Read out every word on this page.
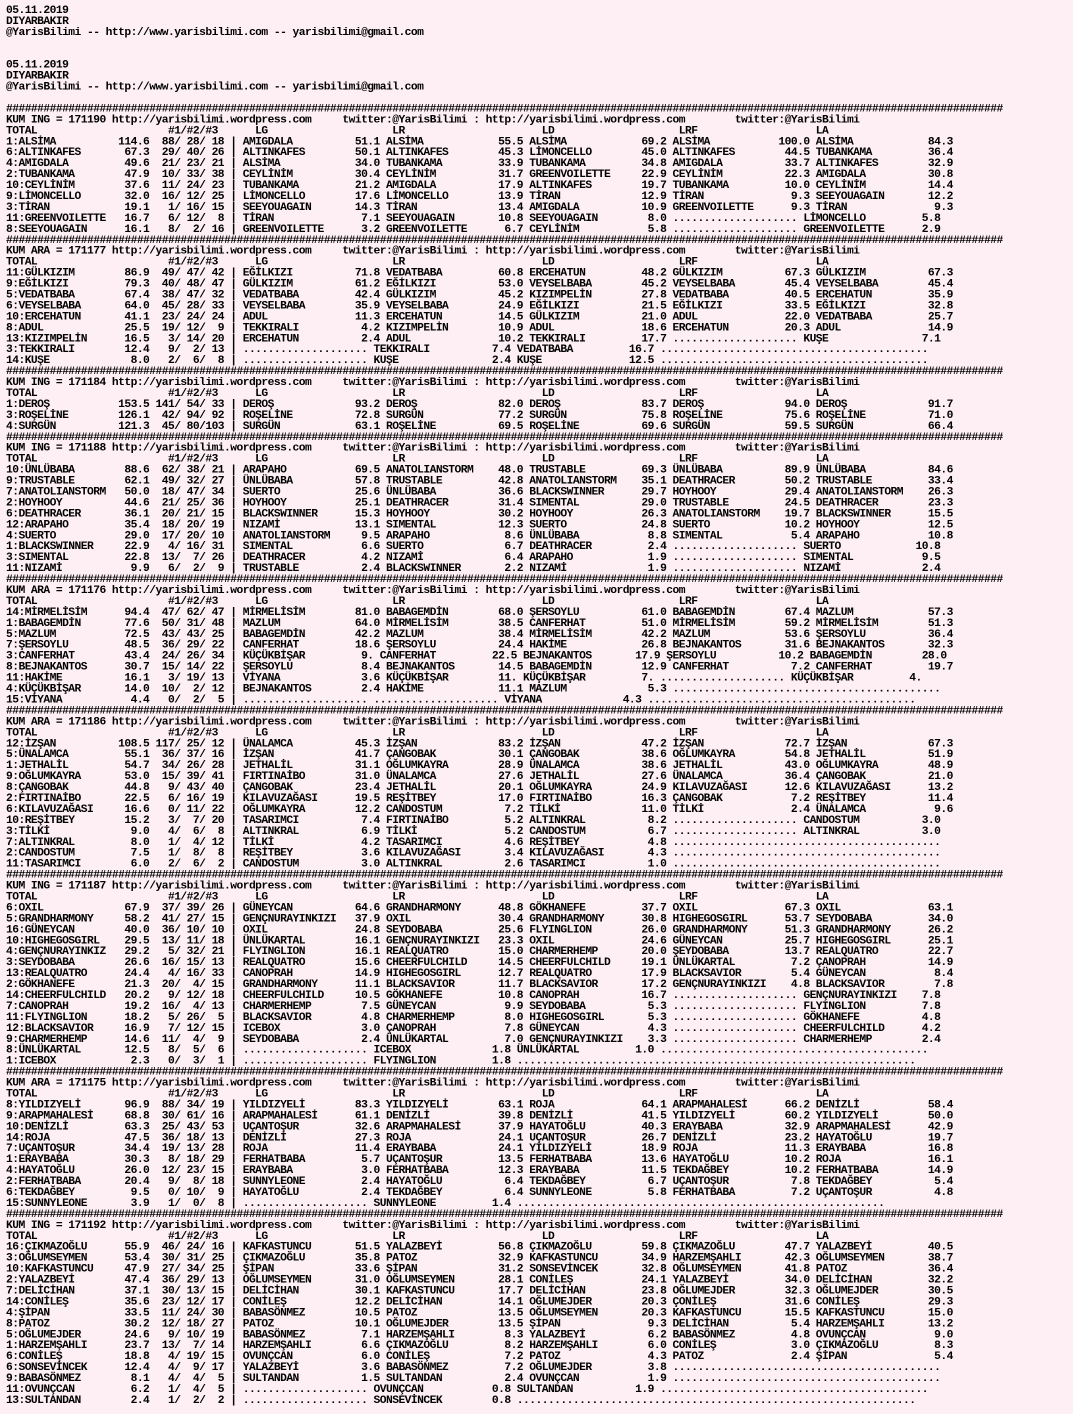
05.11.2019
DIYARBAKIR
@YarisBilimi -- http://www.yarisbilimi.com -- yarisbilimi@gmail.com
05.11.2019
DIYARBAKIR
@YarisBilimi -- http://www.yarisbilimi.com -- yarisbilimi@gmail.com
################################################################################################################################################################
KUM ING = 171190 http://yarisbilimi.wordpress.com     twitter:@YarisBilimi : http://yarisbilimi.wordpress.com        twitter:@YarisBilimi
TOTAL                     #1/#2/#3      LG                    LR                      LD                    LRF                   LA
1:ALSİMA          114.6  88/ 28/ 18 | AMIGDALA          51.1 ALSİMA            55.5 ALSİMA            69.2 ALSİMA           100.0 ALSİMA            84.3
6:ALTINKAFES       67.3  29/ 40/ 26 | ALTINKAFES        50.1 ALTINKAFES        45.3 LİMONCELLO        45.0 ALTINKAFES        44.5 TUBANKAMA         36.4
4:AMIGDALA         49.6  21/ 23/ 21 | ALSİMA            34.0 TUBANKAMA         33.9 TUBANKAMA         34.8 AMIGDALA          33.7 ALTINKAFES        32.9
2:TUBANKAMA        47.9  10/ 33/ 38 | CEYLİNİM          30.4 CEYLİNİM          31.7 GREENVOILETTE     22.9 CEYLİNİM          22.3 AMIGDALA          30.8
10:CEYLİNİM        37.6  11/ 24/ 23 | TUBANKAMA         21.2 AMIGDALA          17.9 ALTINKAFES        19.7 TUBANKAMA         10.0 CEYLİNİM          14.4
9:LİMONCELLO       32.0  16/ 12/ 25 | LİMONCELLO        17.6 LİMONCELLO        13.9 TİRAN             12.9 TİRAN              9.3 SEEYOUAGAIN       12.2
3:TİRAN            19.1   1/ 16/ 15 | SEEYOUAGAIN       14.3 TİRAN             13.4 AMIGDALA          10.9 GREENVOILETTE      9.3 TİRAN              9.3
11:GREENVOILETTE   16.7   6/ 12/  8 | TİRAN              7.1 SEEYOUAGAIN       10.8 SEEYOUAGAIN        8.0 .................... LİMONCELLO         5.8
8:SEEYOUAGAIN      16.1   8/  2/ 16 | GREENVOILETTE      3.2 GREENVOILETTE      6.7 CEYLİNİM           5.8 .................... GREENVOILETTE      2.9
################################################################################################################################################################
KUM ARA = 171177 http://yarisbilimi.wordpress.com     twitter:@YarisBilimi : http://yarisbilimi.wordpress.com        twitter:@YarisBilimi
TOTAL                     #1/#2/#3      LG                    LR                      LD                    LRF                   LA
11:GÜLKIZIM        86.9  49/ 47/ 42 | EĞİLKIZI          71.8 VEDATBABA         60.8 ERCEHATUN         48.2 GÜLKIZIM          67.3 GÜLKIZIM          67.3
9:EĞİLKIZI         79.3  40/ 48/ 47 | GÜLKIZIM          61.2 EĞİLKIZI          53.0 VEYSELBABA        45.2 VEYSELBABA        45.4 VEYSELBABA        45.4
5:VEDATBABA        67.4  38/ 47/ 32 | VEDATBABA         42.4 GÜLKIZIM          45.2 KIZIMPELİN        27.8 VEDATBABA         40.5 ERCEHATUN         35.9
6:VEYSELBABA       64.0  45/ 28/ 33 | VEYSELBABA        35.9 VEYSELBABA        24.9 EĞİLKIZI          21.5 EĞİLKIZI          33.5 EĞİLKIZI          32.8
10:ERCEHATUN       41.1  23/ 24/ 24 | ADUL              11.3 ERCEHATUN         14.5 GÜLKIZIM          21.0 ADUL              22.0 VEDATBABA         25.7
8:ADUL             25.5  19/ 12/  9 | TEKKIRALI          4.2 KIZIMPELİN        10.9 ADUL              18.6 ERCEHATUN         20.3 ADUL              14.9
13:KIZIMPELİN      16.5   3/ 14/ 20 | ERCEHATUN          2.4 ADUL              10.2 TEKKIRALI         17.7 .................... KUŞE               7.1
3:TEKKIRALI        12.4   9/  2/ 13 | .................... TEKKIRALI          7.4 VEDATBABA         16.7 ...........................................
14:KUŞE             8.0   2/  6/  8 | .................... KUŞE               2.4 KUŞE              12.5 ...........................................
################################################################################################################################################################
KUM ING = 171184 http://yarisbilimi.wordpress.com     twitter:@YarisBilimi : http://yarisbilimi.wordpress.com        twitter:@YarisBilimi
TOTAL                     #1/#2/#3      LG                    LR                      LD                    LRF                   LA
1:DEROŞ           153.5 141/ 54/ 33 | DEROŞ             93.2 DEROŞ             82.0 DEROŞ             83.7 DEROŞ             94.0 DEROŞ             91.7
3:ROŞELİNE        126.1  42/ 94/ 92 | ROŞELİNE          72.8 SURGÜN            77.2 SURGÜN            75.8 ROŞELİNE          75.6 ROŞELİNE          71.0
4:SURGÜN          121.3  45/ 80/103 | SURGÜN            63.1 ROŞELİNE          69.5 ROŞELİNE          69.6 SURGÜN            59.5 SURGÜN            66.4
################################################################################################################################################################
KUM ING = 171188 http://yarisbilimi.wordpress.com     twitter:@YarisBilimi : http://yarisbilimi.wordpress.com        twitter:@YarisBilimi
TOTAL                     #1/#2/#3      LG                    LR                      LD                    LRF                   LA
10:ÜNLÜBABA        88.6  62/ 38/ 21 | ARAPAHO           69.5 ANATOLIANSTORM    48.0 TRUSTABLE         69.3 ÜNLÜBABA          89.9 ÜNLÜBABA          84.6
9:TRUSTABLE        62.1  49/ 32/ 27 | ÜNLÜBABA          57.8 TRUSTABLE         42.8 ANATOLIANSTORM    35.1 DEATHRACER        50.2 TRUSTABLE         33.4
7:ANATOLIANSTORM   50.0  18/ 47/ 34 | SUERTO            25.6 ÜNLÜBABA          36.6 BLACKSWINNER      29.7 HOYHOOY           29.4 ANATOLIANSTORM    26.3
2:HOYHOOY          44.6  21/ 25/ 36 | HOYHOOY           25.1 DEATHRACER        31.4 SIMENTAL          29.0 TRUSTABLE         24.5 DEATHRACER        23.3
6:DEATHRACER       36.1  20/ 21/ 15 | BLACKSWINNER      15.3 HOYHOOY           30.2 HOYHOOY           26.3 ANATOLIANSTORM    19.7 BLACKSWINNER      15.5
12:ARAPAHO         35.4  18/ 20/ 19 | NIZAMİ            13.1 SIMENTAL          12.3 SUERTO            24.8 SUERTO            10.2 HOYHOOY           12.5
4:SUERTO           29.0  17/ 20/ 10 | ANATOLIANSTORM     9.5 ARAPAHO            8.6 ÜNLÜBABA           8.8 SIMENTAL           5.4 ARAPAHO           10.8
1:BLACKSWINNER     22.9   4/ 16/ 31 | SIMENTAL           6.6 SUERTO             6.7 DEATHRACER         2.4 .................... SUERTO            10.8
3:SIMENTAL         22.8  13/  7/ 26 | DEATHRACER         4.2 NIZAMİ             6.4 ARAPAHO            1.9 .................... SIMENTAL           9.5
11:NIZAMİ           9.9   6/  2/  9 | TRUSTABLE          2.4 BLACKSWINNER       2.2 NIZAMİ             1.9 .................... NIZAMİ             2.4
################################################################################################################################################################
KUM ARA = 171176 http://yarisbilimi.wordpress.com     twitter:@YarisBilimi : http://yarisbilimi.wordpress.com        twitter:@YarisBilimi
TOTAL                     #1/#2/#3      LG                    LR                      LD                    LRF                   LA
14:MİRMELİSİM      94.4  47/ 62/ 47 | MİRMELİSİM        81.0 BABAGEMDİN        68.0 ŞERSOYLU          61.0 BABAGEMDİN        67.4 MAZLUM            57.3
1:BABAGEMDİN       77.6  50/ 31/ 48 | MAZLUM            64.0 MİRMELİSİM        38.5 CANFERHAT         51.0 MİRMELİSİM        59.2 MİRMELİSİM        51.3
5:MAZLUM           72.5  43/ 43/ 25 | BABAGEMDİN        42.2 MAZLUM            38.4 MİRMELİSİM        42.2 MAZLUM            53.6 ŞERSOYLU          36.4
7:ŞERSOYLU         48.5  36/ 29/ 22 | CANFERHAT         18.6 ŞERSOYLU          24.4 HAKİME            26.8 BEJNAKANTOS       31.6 BEJNAKANTOS       32.3
3:CANFERHAT        43.4  24/ 26/ 34 | KÜÇÜKBİŞAR         9. CANFERHAT         22.5 BEJNAKANTOS       17.9 ŞERSOYLU          10.2 BABAGEMDİN        28.0
8:BEJNAKANTOS      30.7  15/ 14/ 22 | ŞERSOYLU           8.4 BEJNAKANTOS       14.5 BABAGEMDİN        12.9 CANFERHAT          7.2 CANFERHAT         19.7
11:HAKİME          16.1   3/ 19/ 13 | VİYANA             3.6 KÜÇÜKBİŞAR        11. KÜÇÜKBİŞAR         7. .................... KÜÇÜKBİŞAR         4.
4:KÜÇÜKBİŞAR       14.0  10/  2/ 12 | BEJNAKANTOS        2.4 HAKİME            11.1 MAZLUM             5.3 ...........................................
15:VİYANA           4.4   0/  2/  5 | .................... .................... VİYANA             4.3 ...........................................
################################################################################################################################################################
KUM ARA = 171186 http://yarisbilimi.wordpress.com     twitter:@YarisBilimi : http://yarisbilimi.wordpress.com        twitter:@YarisBilimi
TOTAL                     #1/#2/#3      LG                    LR                      LD                    LRF                   LA
12:İZŞAN          108.5 117/ 25/ 12 | ÜNALAMCA          45.3 İZŞAN             83.2 İZŞAN             47.2 İZŞAN             72.7 İZŞAN             67.3
5:ÜNALAMCA         55.1  36/ 37/ 16 | İZŞAN             41.7 ÇANGOBAK          30.1 ÇANGOBAK          38.6 OĞLUMKAYRA        54.8 JETHALİL          51.9
1:JETHALİL         54.7  34/ 26/ 28 | JETHALİL          31.1 OĞLUMKAYRA        28.9 ÜNALAMCA          38.6 JETHALİL          43.0 OĞLUMKAYRA        48.9
9:OĞLUMKAYRA       53.0  15/ 39/ 41 | FIRTINAİBO        31.0 ÜNALAMCA          27.6 JETHALİL          27.6 ÜNALAMCA          36.4 ÇANGOBAK          21.0
8:ÇANGOBAK         44.8   9/ 43/ 40 | ÇANGOBAK          23.4 JETHALİL          20.1 OĞLUMKAYRA        24.9 KILAVUZAĞASI      12.6 KILAVUZAĞASI      13.2
2:FIRTINAİBO       22.5   6/ 16/ 19 | KILAVUZAĞASI      19.5 REŞİTBEY          17.0 FIRTINAİBO        16.3 ÇANGOBAK           7.2 REŞİTBEY          11.4
6:KILAVUZAĞASI     16.6   0/ 11/ 22 | OĞLUMKAYRA        12.2 CANDOSTUM          7.2 TİLKİ             11.0 TİLKİ              2.4 ÜNALAMCA           9.6
10:REŞİTBEY        15.2   3/  7/ 20 | TASARIMCI          7.4 FIRTINAİBO         5.2 ALTINKRAL          8.2 .................... CANDOSTUM          3.0
3:TİLKİ             9.0   4/  6/  8 | ALTINKRAL          6.9 TİLKİ              5.2 CANDOSTUM          6.7 .................... ALTINKRAL          3.0
7:ALTINKRAL         8.0   1/  4/ 12 | TİLKİ              4.2 TASARIMCI          4.6 REŞİTBEY           4.8 ...........................................
2:CANDOSTUM         7.5   1/  8/  8 | REŞİTBEY           3.6 KILAVUZAĞASI       3.4 KILAVUZAĞASI       4.3 ...........................................
11:TASARIMCI        6.0   2/  6/  2 | CANDOSTUM          3.0 ALTINKRAL          2.6 TASARIMCI          1.0 ...........................................
################################################################################################################################################################
KUM ING = 171187 http://yarisbilimi.wordpress.com     twitter:@YarisBilimi : http://yarisbilimi.wordpress.com        twitter:@YarisBilimi
TOTAL                     #1/#2/#3      LG                    LR                      LD                    LRF                   LA
6:OXIL             67.9  37/ 39/ 26 | GÜNEYCAN          64.6 GRANDHARMONY      48.8 GÖKHANEFE         37.7 OXIL              67.3 OXIL              63.1
5:GRANDHARMONY     58.2  41/ 27/ 15 | GENÇNURAYINKIZI   37.9 OXIL              30.4 GRANDHARMONY      30.8 HIGHEGOSGIRL      53.7 SEYDOBABA         34.0
16:GÜNEYCAN        40.0  36/ 10/ 10 | OXIL              24.8 SEYDOBABA         25.6 FLYINGLION        26.0 GRANDHARMONY      51.3 GRANDHARMONY      26.2
10:HIGHEGOSGIRL    29.5  13/ 11/ 18 | ÜNLÜKARTAL        16.1 GENÇNURAYINKIZI   23.3 OXIL              24.6 GÜNEYCAN          25.7 HIGHEGOSGIRL      25.1
4:GENÇNURAYINKIZ   29.2   5/ 32/ 21 | FLYINGLION        16.1 REALQUATRO        15.0 CHARMERHEMP       20.0 ŞEYDOBABA         13.7 REALQUATRO        22.7
3:SEYDOBABA        26.6  16/ 15/ 13 | REALQUATRO        15.6 CHEERFULCHILD     14.5 CHEERFULCHILD     19.1 ÜNLÜKARTAL         7.2 ÇANOPRAH          14.9
13:REALQUATRO      24.4   4/ 16/ 33 | CANOPRAH          14.9 HIGHEGOSGIRL      12.7 REALQUATRO        17.9 BLACKSAVIOR        5.4 GÜNEYCAN           8.4
2:GÖKHANEFE        21.3  20/  4/ 15 | GRANDHARMONY      11.1 BLACKSAVIOR       11.7 BLACKSAVIOR       17.2 GENÇNURAYINKIZI    4.8 BLACKSAVIOR        7.8
14:CHEERFULCHILD   20.2   9/ 12/ 18 | CHEERFULCHILD     10.5 GÖKHANEFE         10.8 CANOPRAH          16.7 .................... GENÇNURAYINKIZI    7.8
7:CANOPRAH         19.2  16/  4/ 13 | CHARMERHEMP        7.5 GÜNEYCAN           9.9 SEYDOBABA          5.3 .................... FLYINGLION         7.8
11:FLYINGLION      18.2   5/ 26/  5 | BLACKSAVIOR        4.8 CHARMERHEMP        8.0 HIGHEGOSGIRL       5.3 .................... GÖKHANEFE          4.8
12:BLACKSAVIOR     16.9   7/ 12/ 15 | ICEBOX             3.0 ÇANOPRAH           7.8 GÜNEYCAN           4.3 .................... CHEERFULCHILD      4.2
9:CHARMERHEMP      14.6  11/  4/  9 | SEYDOBABA          2.4 ÜNLÜKARTAL         7.0 GENÇNURAYINKIZI    3.3 .................... CHARMERHEMP        2.4
8:ÜNLÜKARTAL       12.5   8/  5/  6 | .................... ICEBOX             1.8 ÜNLÜKARTAL         1.0 ...........................................
1:ICEBOX            2.3   0/  3/  1 | .................... FLYINGLION         1.8 ................................................................
################################################################################################################################################################
KUM ARA = 171175 http://yarisbilimi.wordpress.com     twitter:@YarisBilimi : http://yarisbilimi.wordpress.com        twitter:@YarisBilimi
TOTAL                     #1/#2/#3      LG                    LR                      LD                    LRF                   LA
8:YILDIZYELİ       96.9  88/ 34/ 19 | YILDIZYELİ        83.3 YILDIZYELİ        63.1 ROJA              64.1 ARAPMAHALESİ      66.2 DENİZLİ           58.4
9:ARAPMAHALESİ     68.8  30/ 61/ 16 | ARAPMAHALESİ      61.1 DENİZLİ           39.8 DENİZLİ           41.5 YILDIZYELİ        60.2 YILDIZYELİ        50.0
10:DENİZLİ         63.3  25/ 43/ 53 | UÇANTOŞUR         32.6 ARAPMAHALESİ      37.9 HAYATOĞLU         40.3 ERAYBABA          32.9 ARAPMAHALESİ      42.9
14:ROJA            47.5  36/ 18/ 13 | DENİZLİ           27.3 ROJA              24.1 UÇANTOŞUR         26.7 DENİZLİ           23.2 HAYATOĞLU         19.7
7:UÇANTOŞUR        34.4  19/ 13/ 28 | ROJA              11.4 ERAYBABA          24.1 YILDIZYELİ        18.9 ROJA              11.3 ERAYBABA          16.8
1:ERAYBABA         30.3   8/ 18/ 29 | FERHATBABA         5.7 UÇANTOŞUR         13.5 FERHATBABA        13.6 HAYATOĞLU         10.2 ROJA              16.1
4:HAYATOĞLU        26.0  12/ 23/ 15 | ERAYBABA           3.0 FERHATBABA        12.3 ERAYBABA          11.5 TEKDAĞBEY         10.2 FERHATBABA        14.9
2:FERHATBABA       20.4   9/  8/ 18 | SUNNYLEONE         2.4 HAYATOĞLU          6.4 TEKDAĞBEY          6.7 UÇANTOŞUR          7.8 TEKDAĞBEY          5.4
6:TEKDAĞBEY         9.5   0/ 10/  9 | HAYATOĞLU          2.4 TEKDAĞBEY          6.4 SUNNYLEONE         5.8 FERHATBABA         7.2 UÇANTOŞUR          4.8
15:SUNNYLEONE       3.9   1/  0/  8 | .................... SUNNYLEONE         1.4 ...........................................................
################################################################################################################################################################
KUM ING = 171192 http://yarisbilimi.wordpress.com     twitter:@YarisBilimi : http://yarisbilimi.wordpress.com        twitter:@YarisBilimi
TOTAL                     #1/#2/#3      LG                    LR                      LD                    LRF                   LA
16:ÇIKMAZOĞLU      55.9  46/ 24/ 16 | KAFKASTUNCU       51.5 YALAZBEYİ         56.8 ÇIKMAZOĞLU        59.8 ÇIKMAZOĞLU        47.7 YALAZBEYİ         40.5
3:OĞLUMSEYMEN      53.4  30/ 31/ 25 | ÇIKMAZOĞLU        35.8 PATOZ             32.9 KAFKASTUNCU       34.9 HARZEMŞAHLI       42.3 OĞLUMSEYMEN       38.7
10:KAFKASTUNCU     47.9  27/ 34/ 25 | ŞİPAN             33.6 ŞİPAN             31.2 SONSEVİNCEK       32.8 OĞLUMSEYMEN       41.8 PATOZ             36.4
2:YALAZBEYİ        47.4  36/ 29/ 13 | OĞLUMSEYMEN       31.0 OĞLUMSEYMEN       28.1 CONİLEŞ           24.1 YALAZBEYİ         34.0 DELİCİHAN         32.2
7:DELİCİHAN        37.1  30/ 13/ 15 | DELİCİHAN         30.1 KAFKASTUNCU       17.7 DELİCİHAN         23.8 OĞLUMEJDER        32.3 OĞLUMEJDER        30.5
14:CONİLEŞ         35.6  23/ 12/ 17 | CONİLEŞ           12.2 DELİCİHAN         14.1 OĞLUMEJDER        20.3 ÇONİLEŞ           31.6 CONİLEŞ           29.3
4:ŞİPAN            33.5  11/ 24/ 30 | BABASÖNMEZ        10.5 PATOZ             13.5 OĞLUMSEYMEN       20.3 KAFKASTUNCU       15.5 KAFKASTUNCU       15.0
8:PATOZ            30.2  12/ 18/ 27 | PATOZ             10.1 OĞLUMEJDER        13.5 ŞİPAN              9.3 DELİCİHAN          5.4 HARZEMŞAHLI       13.2
5:OĞLUMEJDER       24.6   9/ 10/ 19 | BABASÖNMEZ         7.1 HARZEMŞAHLI        8.3 YALAZBEYİ          6.2 BABASÖNMEZ         4.8 OVUNÇCAN           9.0
1:HARZEMŞAHLI      23.7  13/  7/ 14 | HARZEMŞAHLI        6.6 ÇIKMAZOĞLU         8.2 HARZEMŞAHLI        6.0 CONİLEŞ            3.0 ÇIKMAZOĞLU         8.3
6:CONİLEŞ          18.8   4/ 19/ 15 | OVUNÇCAN           6.0 CONİLEŞ            7.2 PATOZ              4.3 PATOZ              2.4 ŞİPAN              5.4
6:SONSEVİNCEK      12.4   4/  9/ 17 | YALAZBEYİ          3.6 BABASÖNMEZ         7.2 OĞLUMEJDER         3.8 ...........................................
9:BABASÖNMEZ        8.1   4/  4/  5 | SULTANDAN          1.5 SULTANDAN          2.4 OVUNÇCAN           1.9 ...........................................
11:OVUNÇCAN         6.2   1/  4/  5 | .................... OVUNÇCAN           0.8 SULTANDAN          1.9 ...........................................
13:SULTANDAN        2.4   1/  2/  2 | .................... SONSEVİNCEK        0.8 ................................................................
